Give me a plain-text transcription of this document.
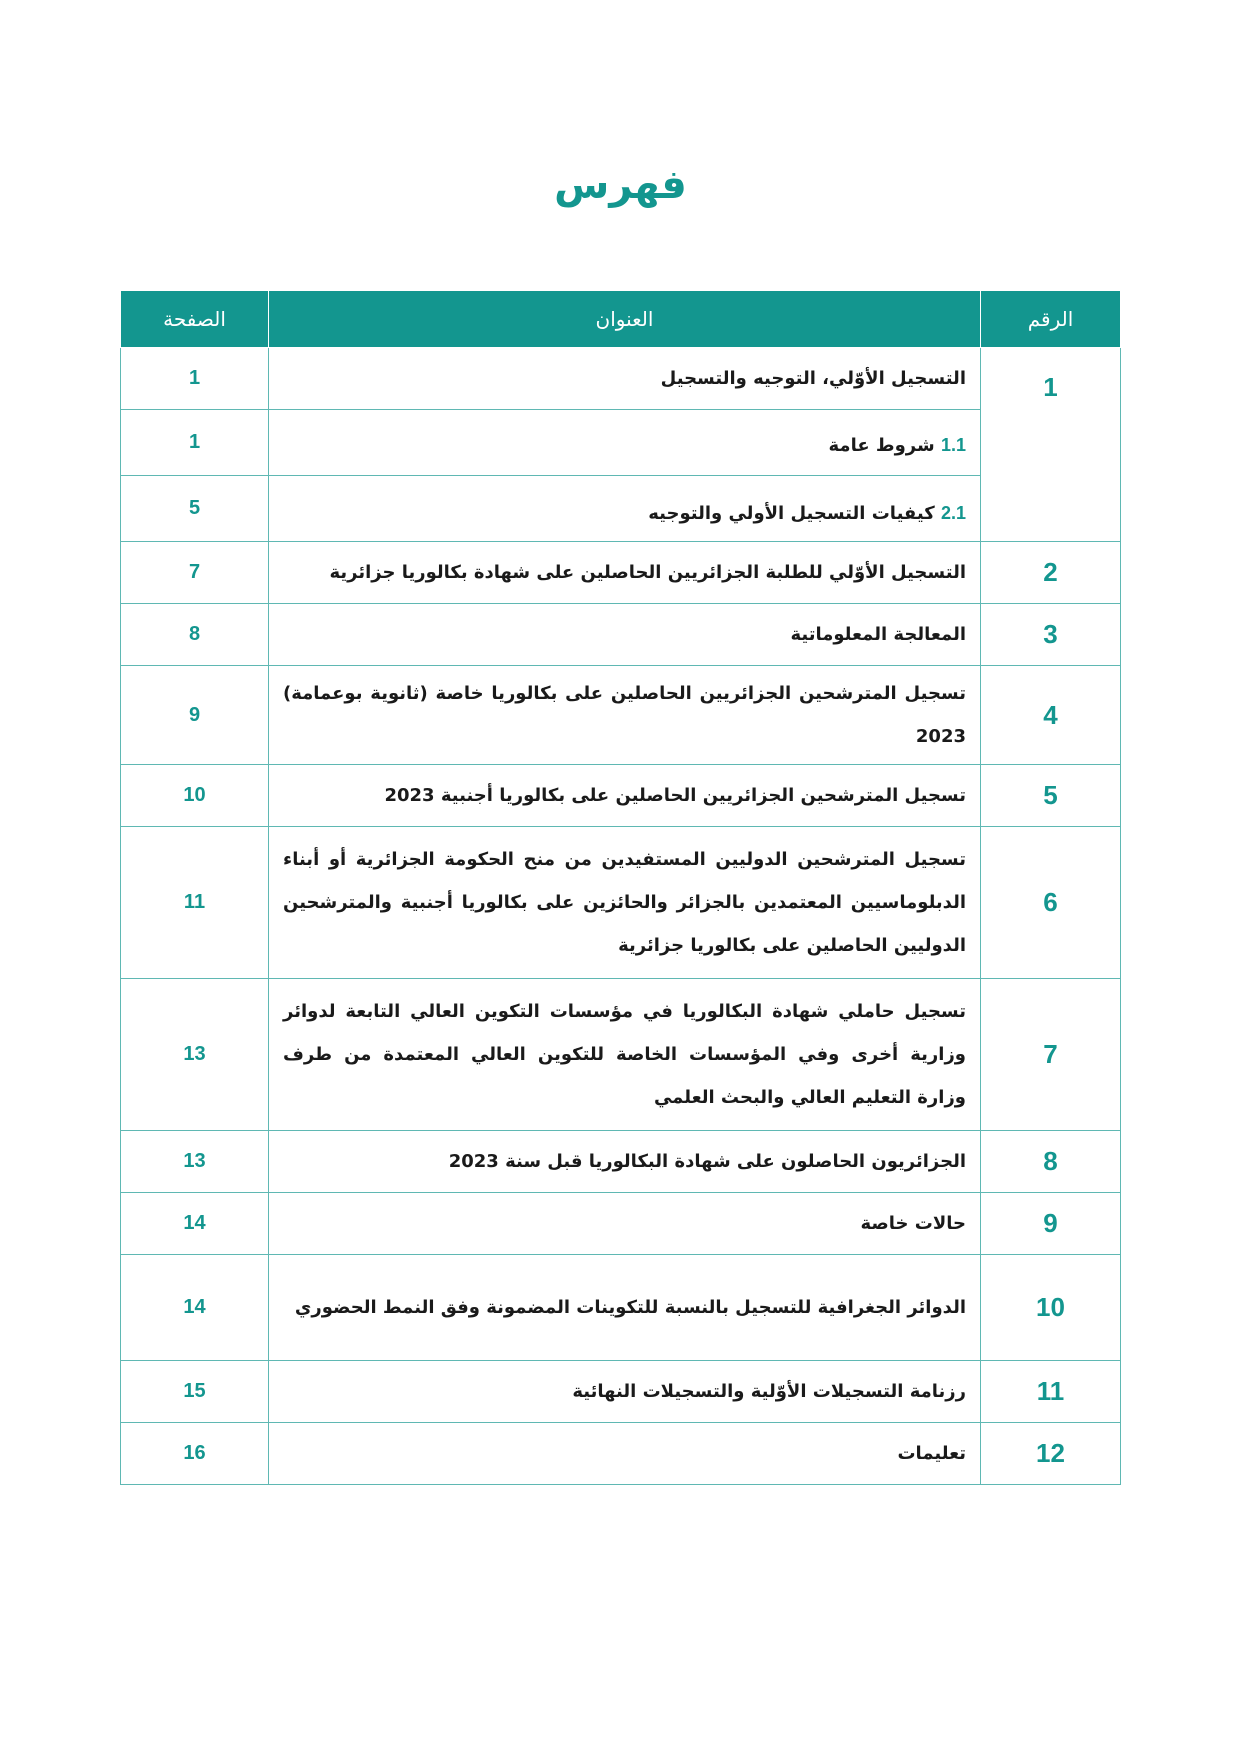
فهرس
الرقم	العنوان	الصفحة
1	التسجيل الأوّلي، التوجيه والتسجيل	1
	1.1 شروط عامة	1
	2.1 كيفيات التسجيل الأولي والتوجيه	5
2	التسجيل الأوّلي للطلبة الجزائريين الحاصلين على شهادة بكالوريا جزائرية	7
3	المعالجة المعلوماتية	8
4	تسجيل المترشحين الجزائريين الحاصلين على بكالوريا خاصة (ثانوية بوعمامة) 2023	9
5	تسجيل المترشحين الجزائريين الحاصلين على بكالوريا أجنبية 2023	10
6	تسجيل المترشحين الدوليين المستفيدين من منح الحكومة الجزائرية أو أبناء الدبلوماسيين المعتمدين بالجزائر والحائزين على بكالوريا أجنبية والمترشحين الدوليين الحاصلين على بكالوريا جزائرية	11
7	تسجيل حاملي شهادة البكالوريا في مؤسسات التكوين العالي التابعة لدوائر وزارية أخرى وفي المؤسسات الخاصة للتكوين العالي المعتمدة من طرف وزارة التعليم العالي والبحث العلمي	13
8	الجزائريون الحاصلون على شهادة البكالوريا قبل سنة 2023	13
9	حالات خاصة	14
10	الدوائر الجغرافية للتسجيل بالنسبة للتكوينات المضمونة وفق النمط الحضوري	14
11	رزنامة التسجيلات الأوّلية والتسجيلات النهائية	15
12	تعليمات	16
